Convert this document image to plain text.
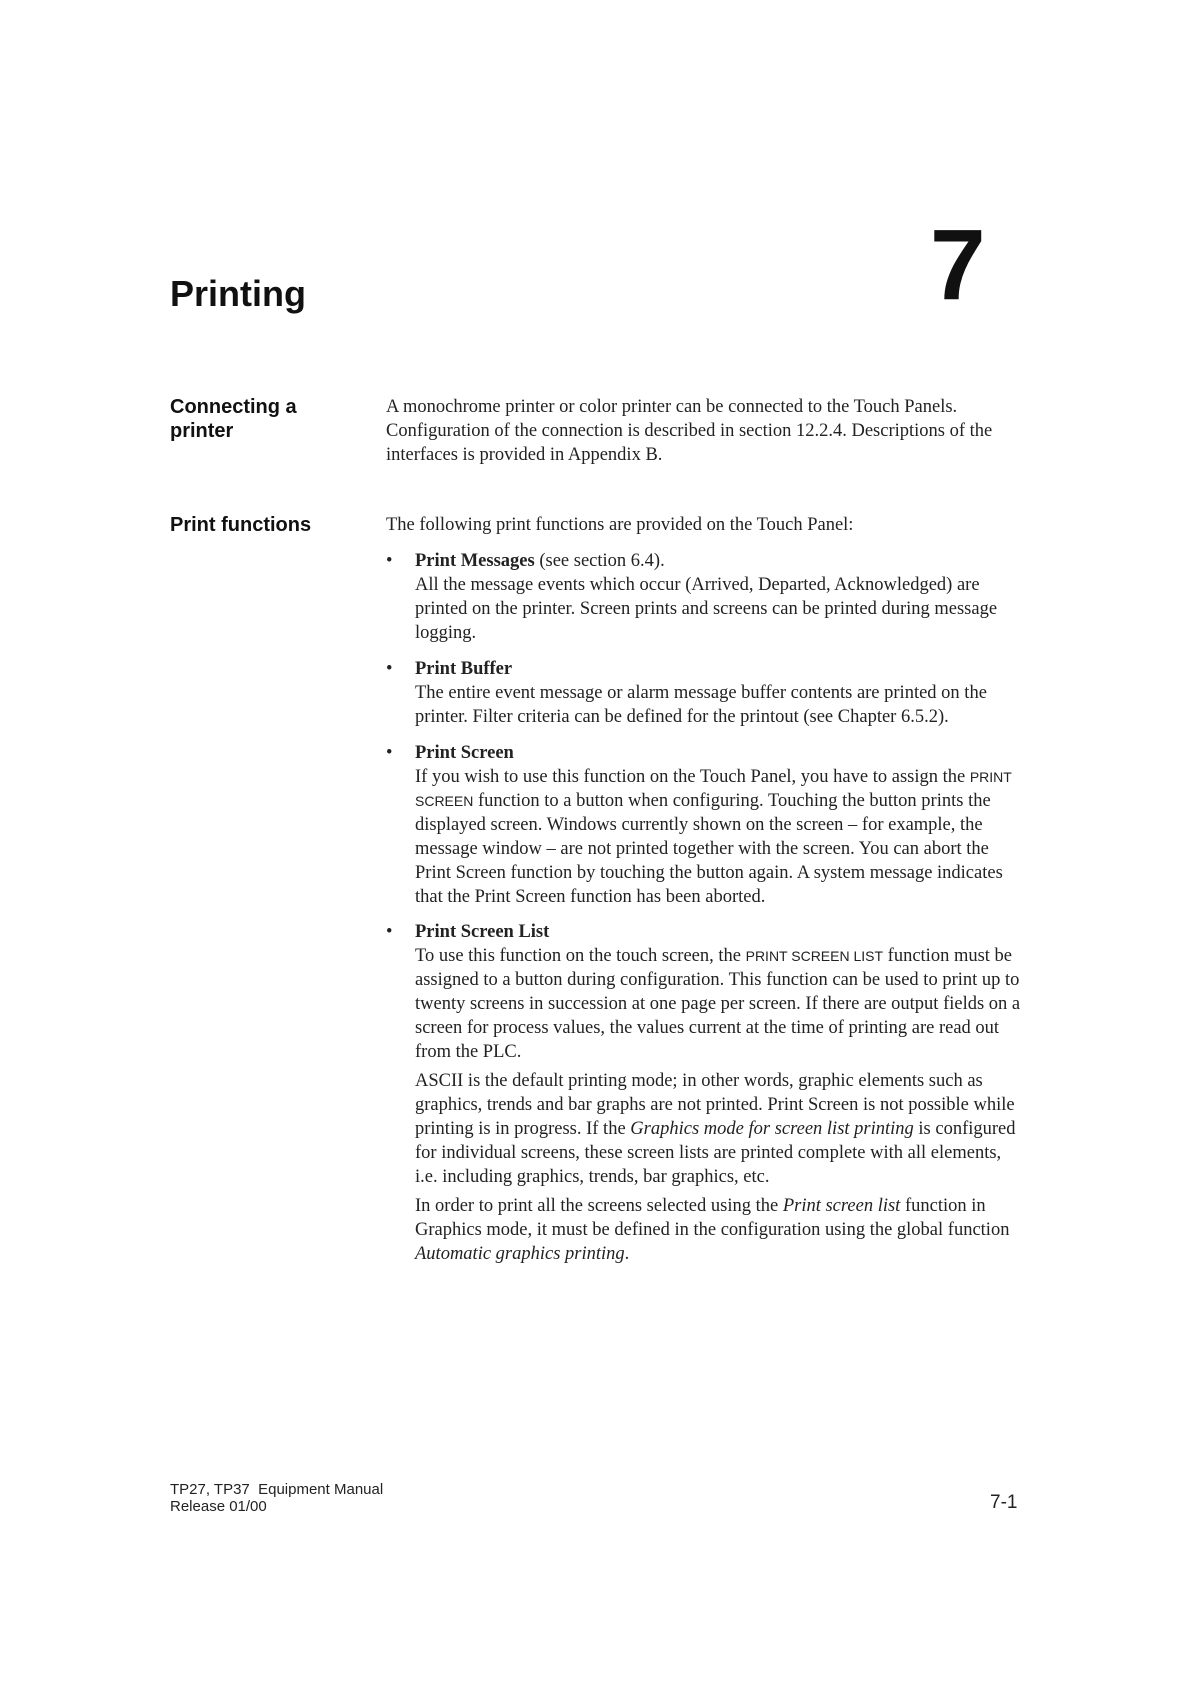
7
Printing
Connecting a
printer

A monochrome printer or color printer can be connected to the Touch Panels. Configuration of the connection is described in section 12.2.4. Descriptions of the interfaces is provided in Appendix B.

Print functions	The following print functions are provided on the Touch Panel:

•	Print Messages (see section 6.4).

All the message events which occur (Arrived, Departed, Acknowledged) are printed on the printer. Screen prints and screens can be printed during message logging.

•	Print Buffer

The entire event message or alarm message buffer contents are printed on the printer. Filter criteria can be defined for the printout (see Chapter 6.5.2).

•	Print Screen

If you wish to use this function on the Touch Panel, you have to assign the PRINT SCREEN function to a button when configuring. Touching the button prints the displayed screen. Windows currently shown on the screen – for example, the message window – are not printed together with the screen. You can abort the Print Screen function by touching the button again. A system message indicates that the Print Screen function has been aborted.

•	Print Screen List

To use this function on the touch screen, the PRINT SCREEN LIST function must be assigned to a button during configuration. This function can be used to print up to twenty screens in succession at one page per screen. If there are output fields on a screen for process values, the values current at the time of printing are read out from the PLC.

ASCII is the default printing mode; in other words, graphic elements such as graphics, trends and bar graphs are not printed. Print Screen is not possible while printing is in progress. If the Graphics mode for screen list printing is configured for individual screens, these screen lists are printed complete with all elements, i.e. including graphics, trends, bar graphics, etc.

In order to print all the screens selected using the Print screen list function in Graphics mode, it must be defined in the configuration using the global function Automatic graphics printing.

TP27, TP37  Equipment Manual
Release 01/00	7-1
